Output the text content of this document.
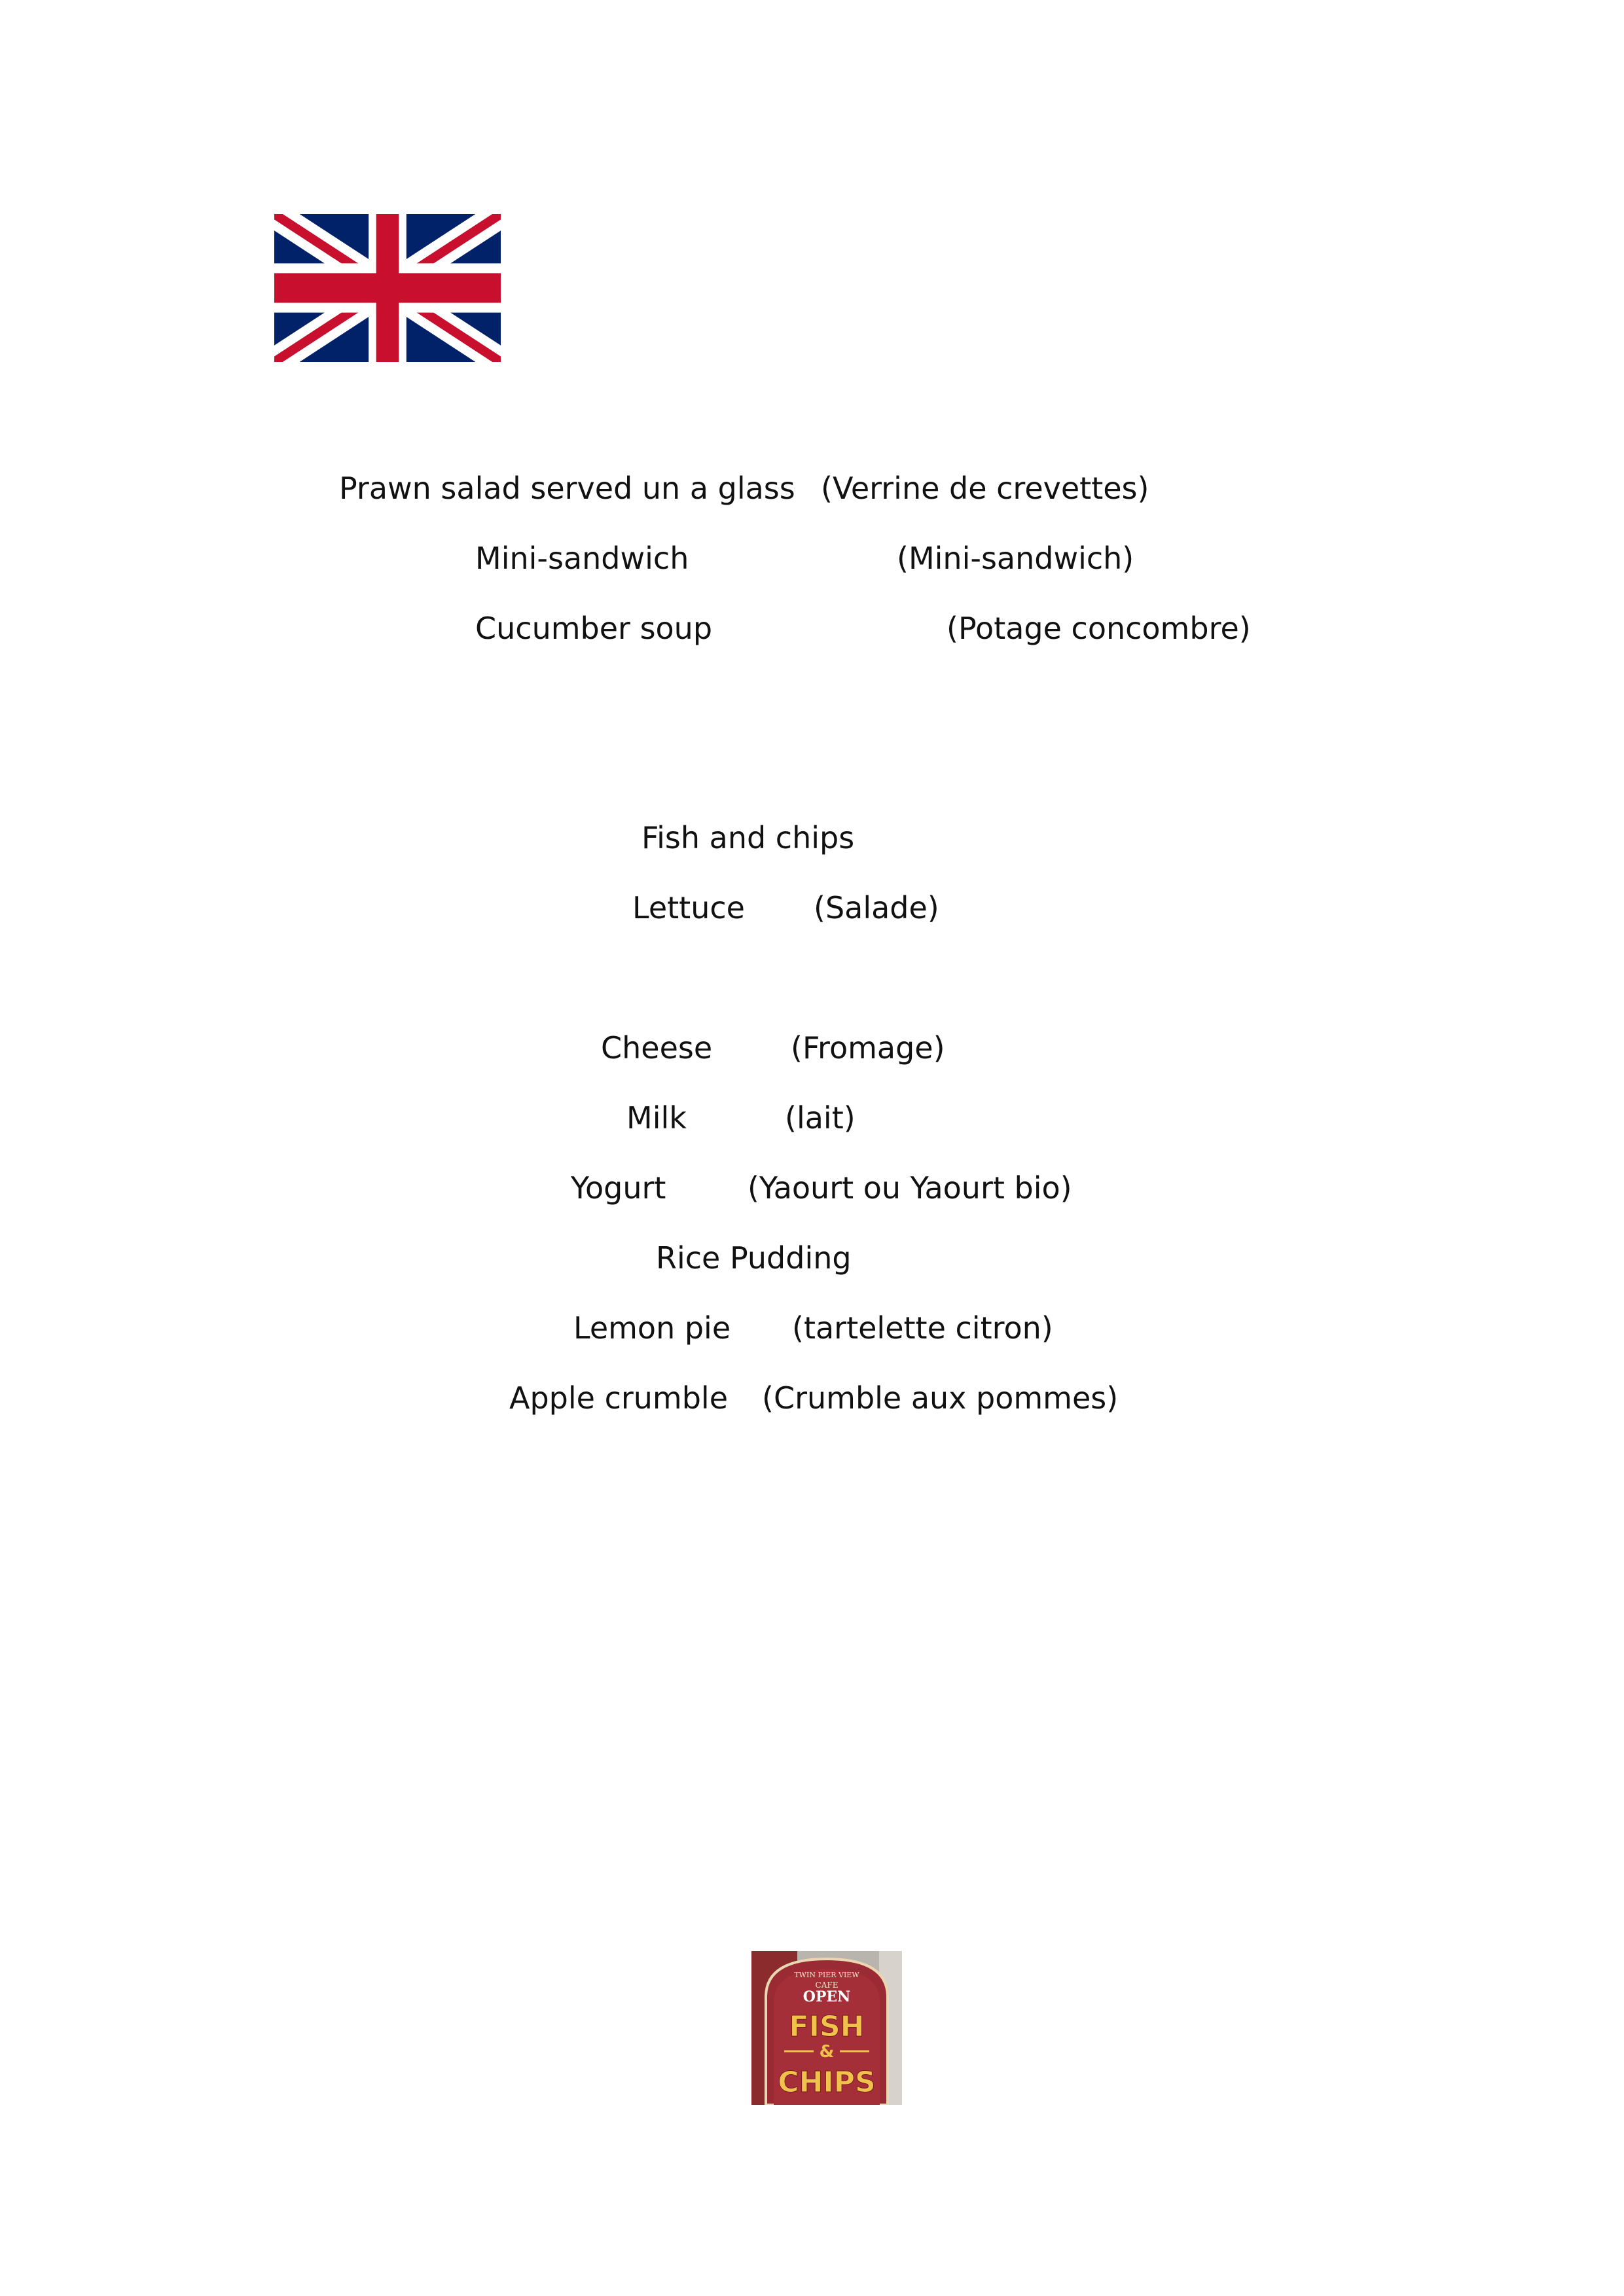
Prawn salad served un a glass (Verrine de crevettes)
Mini-sandwich	(Mini-sandwich)
Cucumber soup	(Potage concombre)
Fish and chips
Lettuce (Salade)
Cheese	(Fromage)
Milk	(lait)
Yogurt	(Yaourt ou Yaourt bio)
Rice Pudding
Lemon pie (tartelette citron)
Apple crumble (Crumble aux pommes)
TWIN PIER VIEW
CAFE
OPEN
FISH
&
CHIPS
